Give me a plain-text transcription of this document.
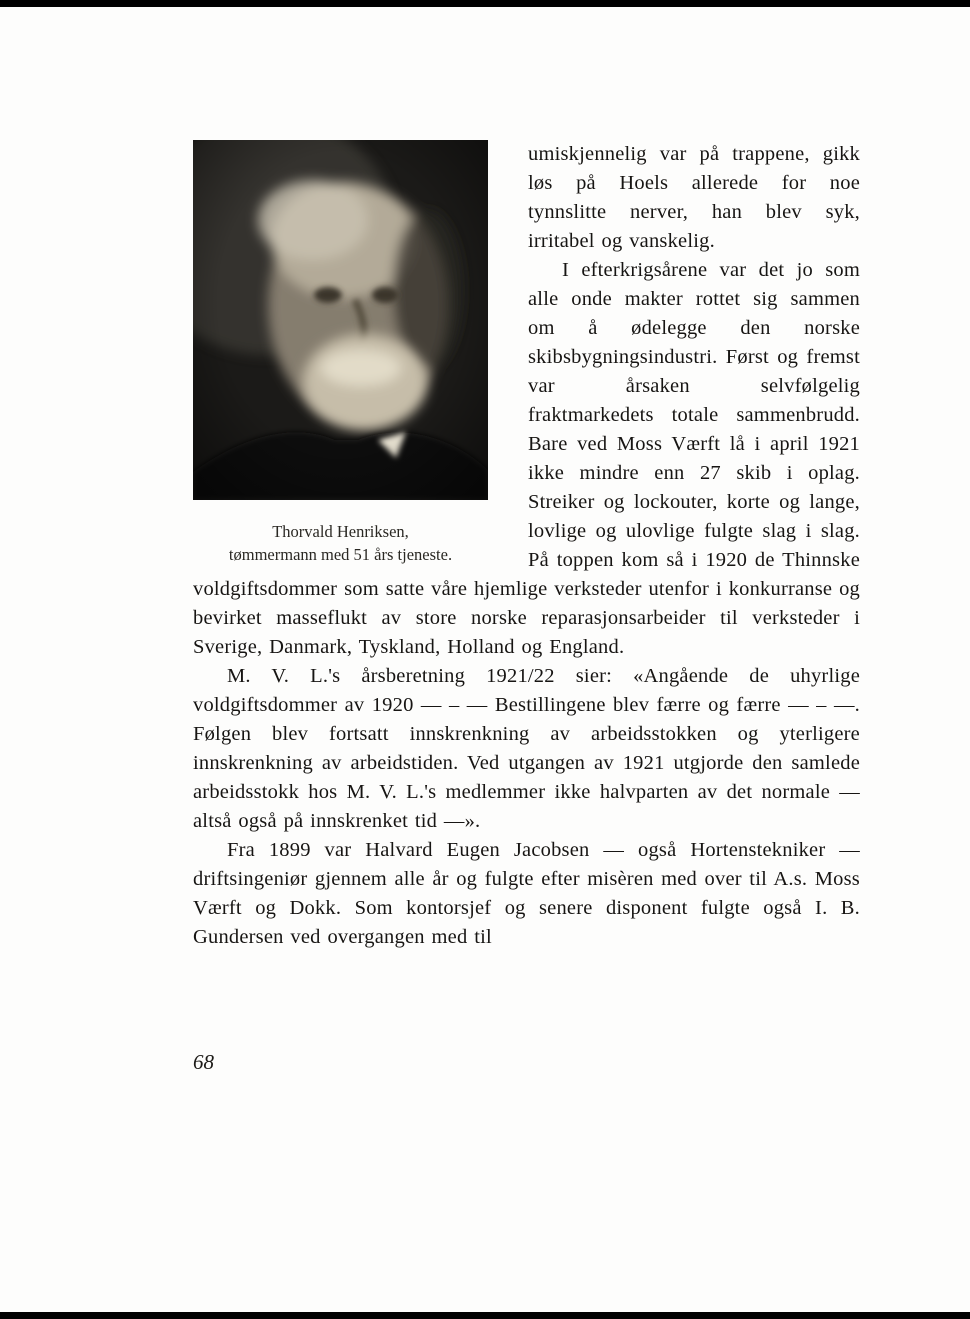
Thorvald Henriksen,
tømmermann med 51 års tjeneste.

umiskjennelig var på trappene, gikk løs på Hoels allerede for noe tynnslitte nerver, han blev syk, irritabel og vanskelig.

I efterkrigsårene var det jo som alle onde makter rottet sig sammen om å ødelegge den norske skibsbygningsindustri. Først og fremst var årsaken selvfølgelig fraktmarkedets totale sammenbrudd. Bare ved Moss Værft lå i april 1921 ikke mindre enn 27 skib i oplag. Streiker og lockouter, korte og lange, lovlige og ulovlige fulgte slag i slag. På toppen kom så i 1920 de Thinnske voldgiftsdommer som satte våre hjemlige verksteder utenfor i konkurranse og bevirket masseflukt av store norske reparasjonsarbeider til verksteder i Sverige, Danmark, Tyskland, Holland og England.

M. V. L.'s årsberetning 1921/22 sier: «Angående de uhyrlige voldgiftsdommer av 1920 — – — Bestillingene blev færre og færre — – —. Følgen blev fortsatt innskrenkning av arbeidsstokken og yterligere innskrenkning av arbeidstiden. Ved utgangen av 1921 utgjorde den samlede arbeidsstokk hos M. V. L.'s medlemmer ikke halvparten av det normale — altså også på innskrenket tid —».

Fra 1899 var Halvard Eugen Jacobsen — også Hortenstekniker — driftsingeniør gjennem alle år og fulgte efter misèren med over til A.s. Moss Værft og Dokk. Som kontorsjef og senere disponent fulgte også I. B. Gundersen ved overgangen med til

68
